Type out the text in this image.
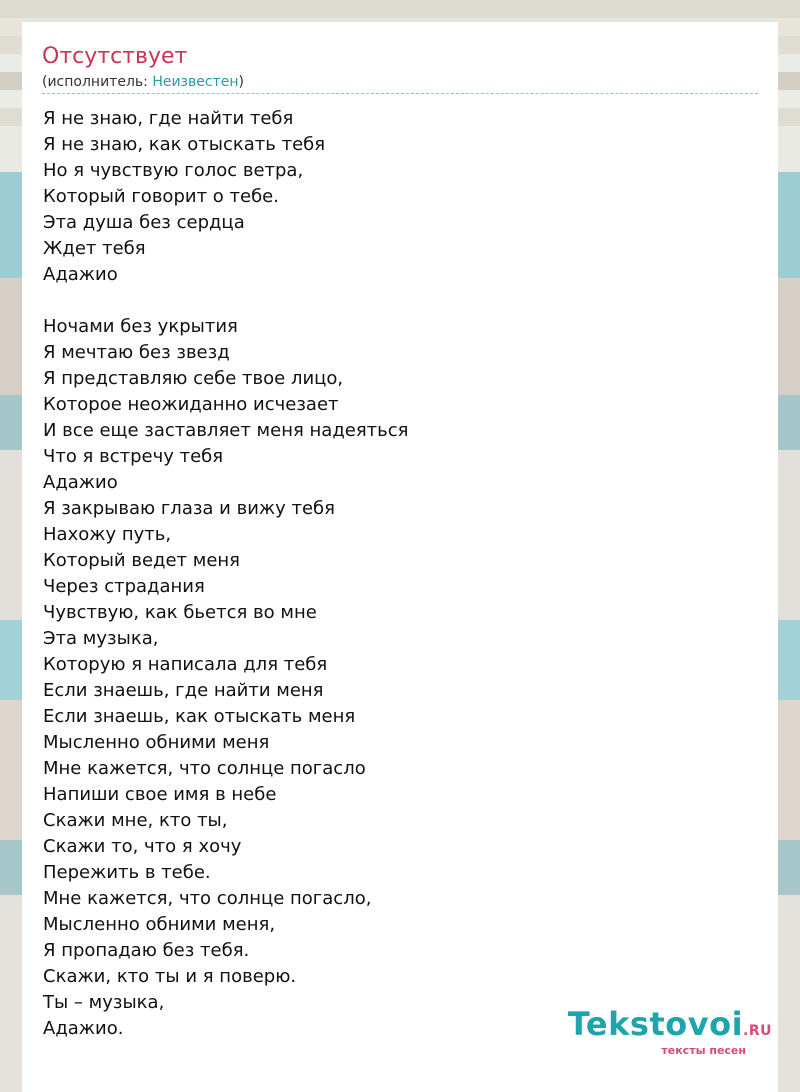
Отсутствует
(исполнитель: Неизвестен)
Я не знаю, где найти тебя
Я не знаю, как отыскать тебя
Но я чувствую голос ветра,
Который говорит о тебе.
Эта душа без сердца
Ждет тебя
Адажио
Ночами без укрытия
Я мечтаю без звезд
Я представляю себе твое лицо,
Которое неожиданно исчезает
И все еще заставляет меня надеяться
Что я встречу тебя
Адажио
Я закрываю глаза и вижу тебя
Нахожу путь,
Который ведет меня
Через страдания
Чувствую, как бьется во мне
Эта музыка,
Которую я написала для тебя
Если знаешь, где найти меня
Если знаешь, как отыскать меня
Мысленно обними меня
Мне кажется, что солнце погасло
Напиши свое имя в небе
Скажи мне, кто ты,
Скажи то, что я хочу
Пережить в тебе.
Мне кажется, что солнце погасло,
Мысленно обними меня,
Я пропадаю без тебя.
Скажи, кто ты и я поверю.
Ты – музыка,
Адажио.	Tekstovoi.RU
тексты песен
